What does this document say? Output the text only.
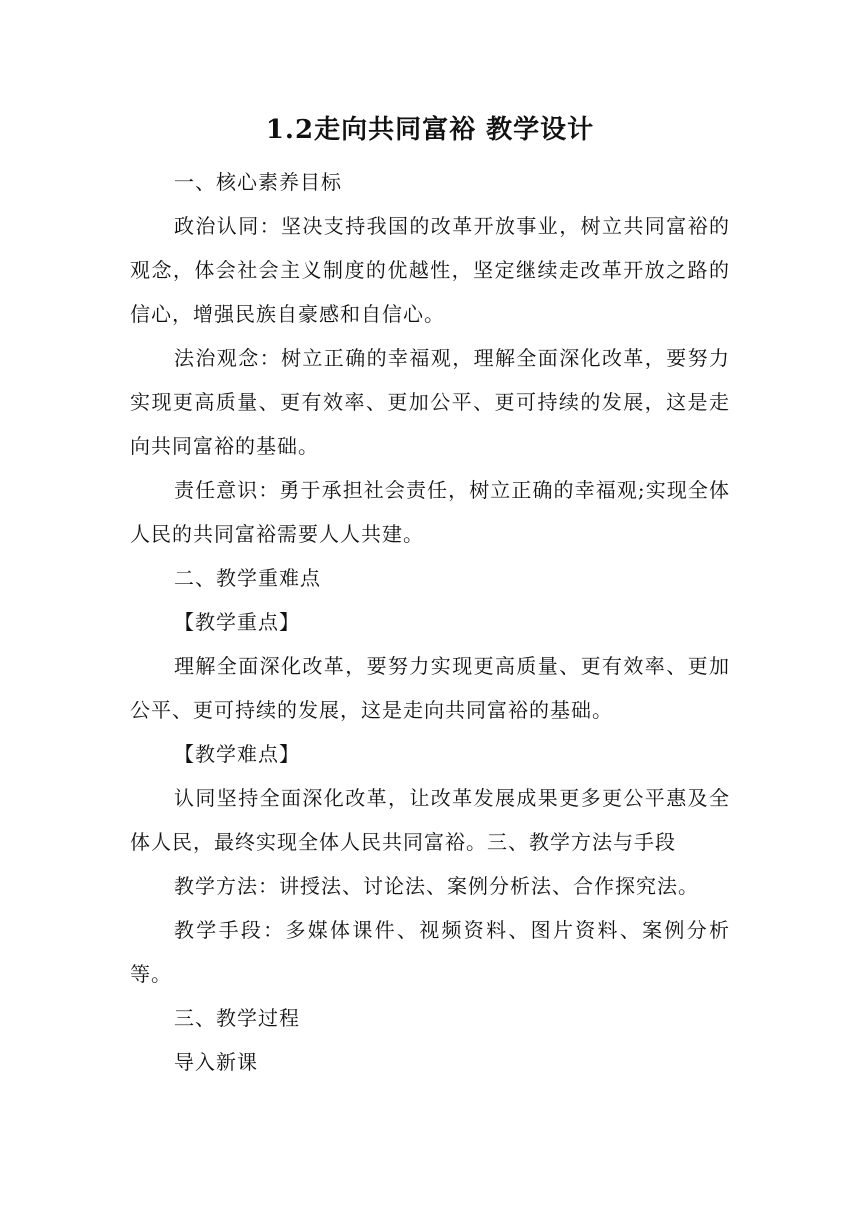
1.2走向共同富裕 教学设计

一、核心素养目标

政治认同：坚决支持我国的改革开放事业，树立共同富裕的观念，体会社会主义制度的优越性，坚定继续走改革开放之路的信心，增强民族自豪感和自信心。

法治观念：树立正确的幸福观，理解全面深化改革，要努力实现更高质量、更有效率、更加公平、更可持续的发展，这是走向共同富裕的基础。

责任意识：勇于承担社会责任，树立正确的幸福观;实现全体人民的共同富裕需要人人共建。

二、教学重难点

【教学重点】

理解全面深化改革，要努力实现更高质量、更有效率、更加公平、更可持续的发展，这是走向共同富裕的基础。

【教学难点】

认同坚持全面深化改革，让改革发展成果更多更公平惠及全体人民，最终实现全体人民共同富裕。三、教学方法与手段

教学方法：讲授法、讨论法、案例分析法、合作探究法。

教学手段：多媒体课件、视频资料、图片资料、案例分析等。

三、教学过程

导入新课
